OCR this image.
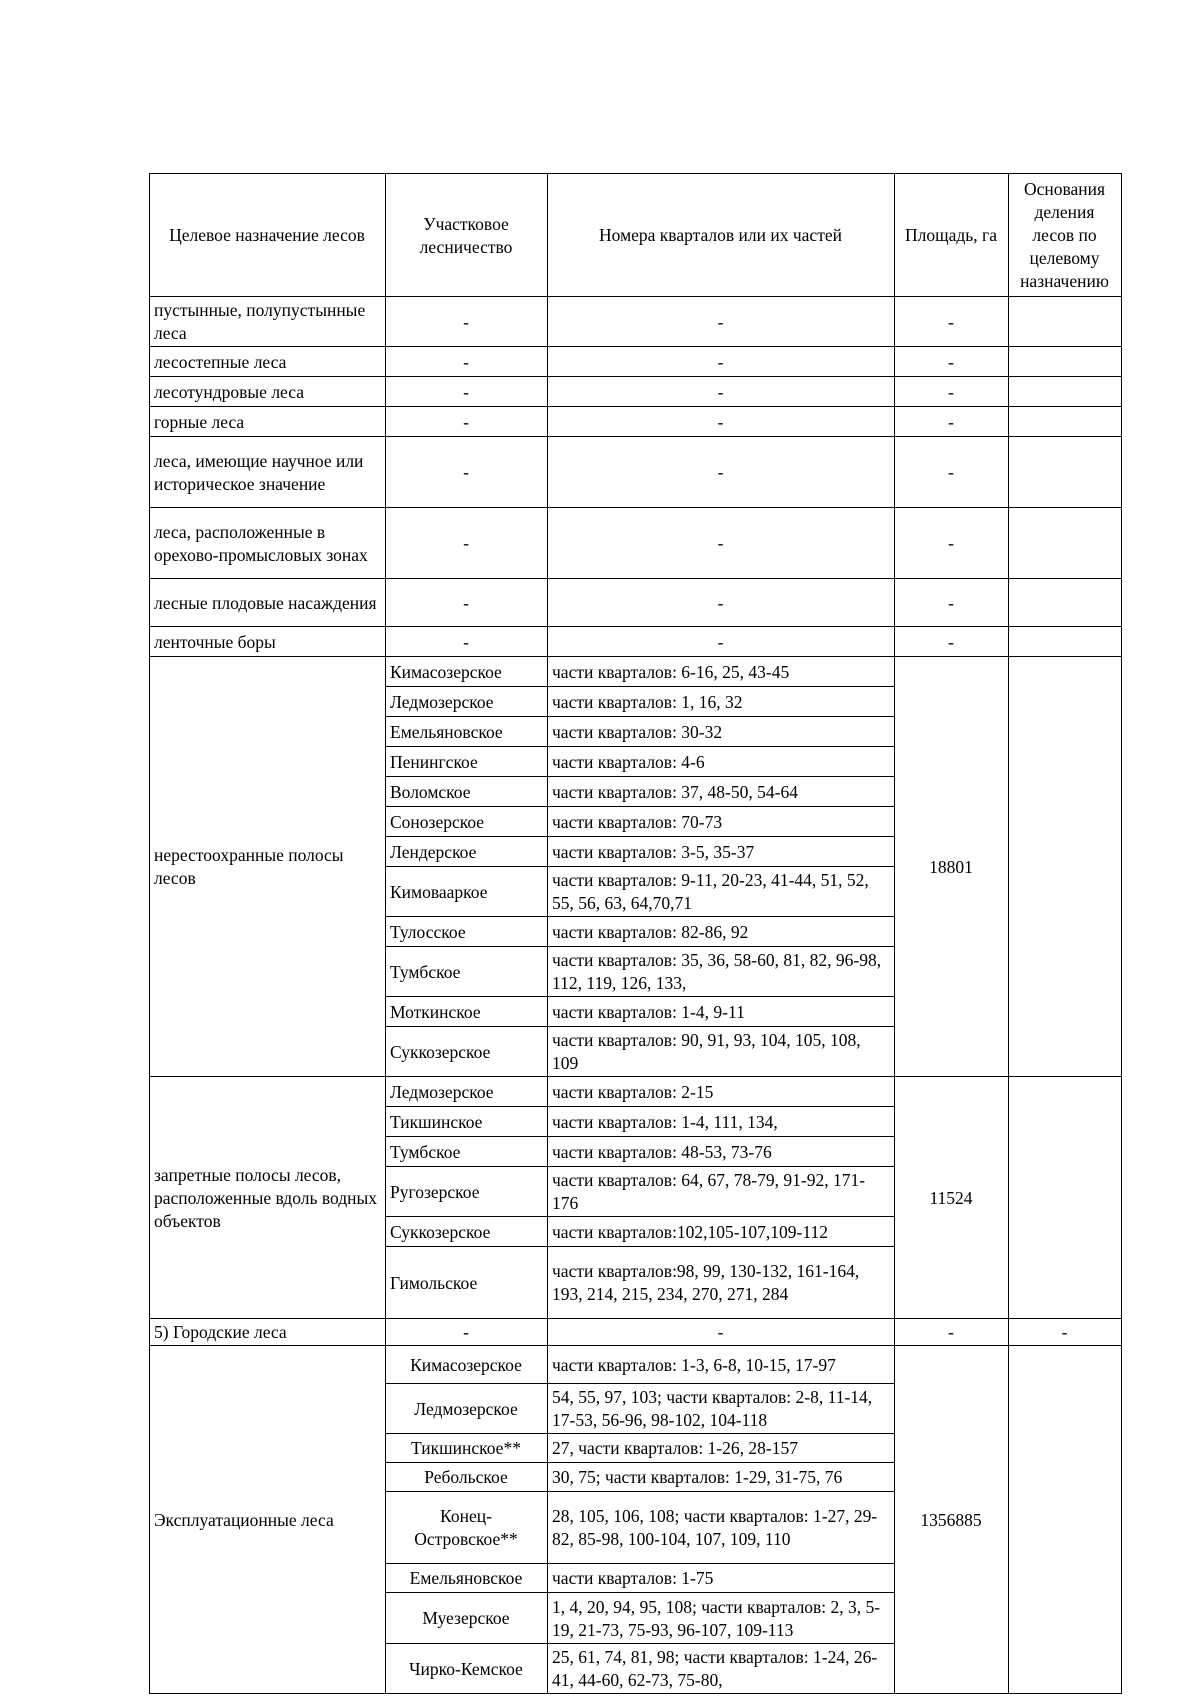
Целевое назначение лесов	Участковое лесничество	Номера кварталов или их частей	Площадь, га	Основания деления лесов по целевому назначению
пустынные, полупустынные леса	-	-	-	
лесостепные леса	-	-	-	
лесотундровые леса	-	-	-	
горные леса	-	-	-	
леса, имеющие научное или историческое значение	-	-	-	
леса, расположенные в орехово-промысловых зонах	-	-	-	
лесные плодовые насаждения	-	-	-	
ленточные боры	-	-	-	
нерестоохранные полосы лесов	Кимасозерское	части кварталов: 6-16, 25, 43-45	18801	
	Ледмозерское	части кварталов: 1, 16, 32		
	Емельяновское	части кварталов: 30-32		
	Пенингское	части кварталов: 4-6		
	Воломское	части кварталов: 37, 48-50, 54-64		
	Сонозерское	части кварталов: 70-73		
	Лендерское	части кварталов: 3-5, 35-37		
	Кимовааркое	части кварталов: 9-11, 20-23, 41-44, 51, 52, 55, 56, 63, 64,70,71		
	Тулосское	части кварталов: 82-86, 92		
	Тумбское	части кварталов: 35, 36, 58-60, 81, 82, 96-98, 112, 119, 126, 133,		
	Моткинское	части кварталов: 1-4, 9-11		
	Суккозерское	части кварталов: 90, 91, 93, 104, 105, 108, 109		
запретные полосы лесов, расположенные вдоль водных объектов	Ледмозерское	части кварталов: 2-15	11524	
	Тикшинское	части кварталов: 1-4, 111, 134,		
	Тумбское	части кварталов: 48-53, 73-76		
	Ругозерское	части кварталов: 64, 67, 78-79, 91-92, 171-176		
	Суккозерское	части кварталов:102,105-107,109-112		
	Гимольское	части кварталов:98, 99, 130-132, 161-164, 193, 214, 215, 234, 270, 271, 284		
5) Городские леса	-	-	-	-
Эксплуатационные леса	Кимасозерское	части кварталов: 1-3, 6-8, 10-15, 17-97	1356885	
	Ледмозерское	54, 55, 97, 103; части кварталов: 2-8, 11-14, 17-53, 56-96, 98-102, 104-118		
	Тикшинское**	27, части кварталов: 1-26, 28-157		
	Ребольское	30, 75; части кварталов: 1-29, 31-75, 76		
	Конец-Островское**	28, 105, 106, 108; части кварталов: 1-27, 29-82, 85-98, 100-104, 107, 109, 110		
	Емельяновское	части кварталов: 1-75		
	Муезерское	1, 4, 20, 94, 95, 108; части кварталов: 2, 3, 5-19, 21-73, 75-93, 96-107, 109-113		
	Чирко-Кемское	25, 61, 74, 81, 98; части кварталов: 1-24, 26-41, 44-60, 62-73, 75-80,		
